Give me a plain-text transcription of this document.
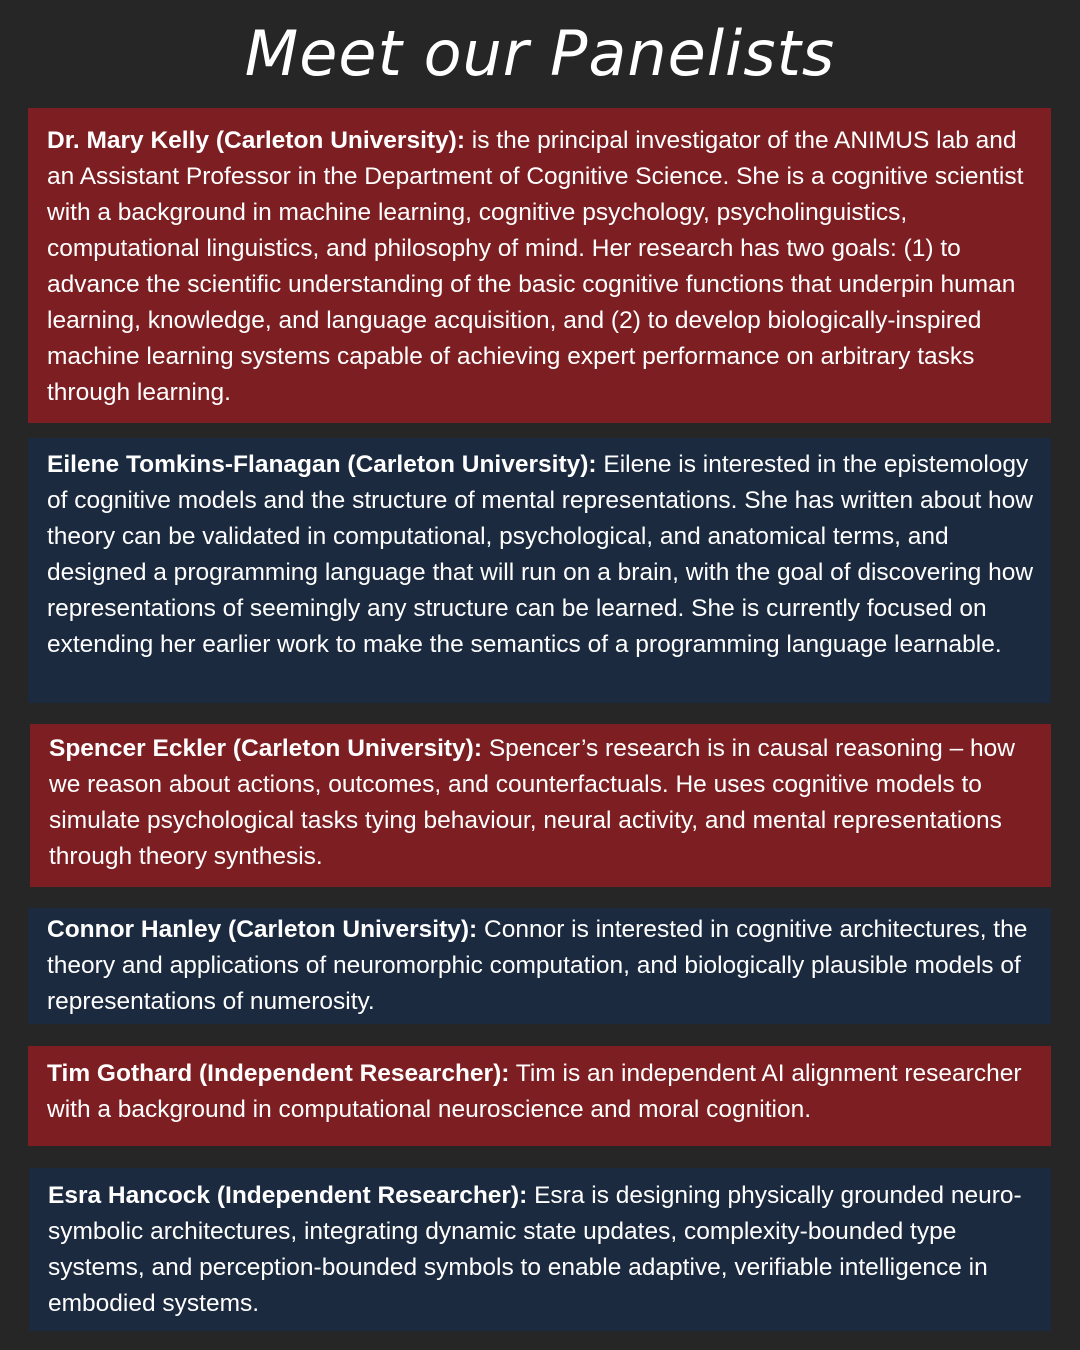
Meet our Panelists
Dr. Mary Kelly (Carleton University): is the principal investigator of the ANIMUS lab and an Assistant Professor in the Department of Cognitive Science. She is a cognitive scientist with a background in machine learning, cognitive psychology, psycholinguistics, computational linguistics, and philosophy of mind. Her research has two goals: (1) to advance the scientific understanding of the basic cognitive functions that underpin human learning, knowledge, and language acquisition, and (2) to develop biologically-inspired machine learning systems capable of achieving expert performance on arbitrary tasks through learning.
Eilene Tomkins-Flanagan (Carleton University): Eilene is interested in the epistemology of cognitive models and the structure of mental representations. She has written about how theory can be validated in computational, psychological, and anatomical terms, and designed a programming language that will run on a brain, with the goal of discovering how representations of seemingly any structure can be learned. She is currently focused on extending her earlier work to make the semantics of a programming language learnable.
Spencer Eckler (Carleton University): Spencer’s research is in causal reasoning – how we reason about actions, outcomes, and counterfactuals. He uses cognitive models to simulate psychological tasks tying behaviour, neural activity, and mental representations through theory synthesis.
Connor Hanley (Carleton University): Connor is interested in cognitive architectures, the theory and applications of neuromorphic computation, and biologically plausible models of representations of numerosity.
Tim Gothard (Independent Researcher): Tim is an independent AI alignment researcher with a background in computational neuroscience and moral cognition.
Esra Hancock (Independent Researcher): Esra is designing physically grounded neuro-symbolic architectures, integrating dynamic state updates, complexity-bounded type systems, and perception-bounded symbols to enable adaptive, verifiable intelligence in embodied systems.
